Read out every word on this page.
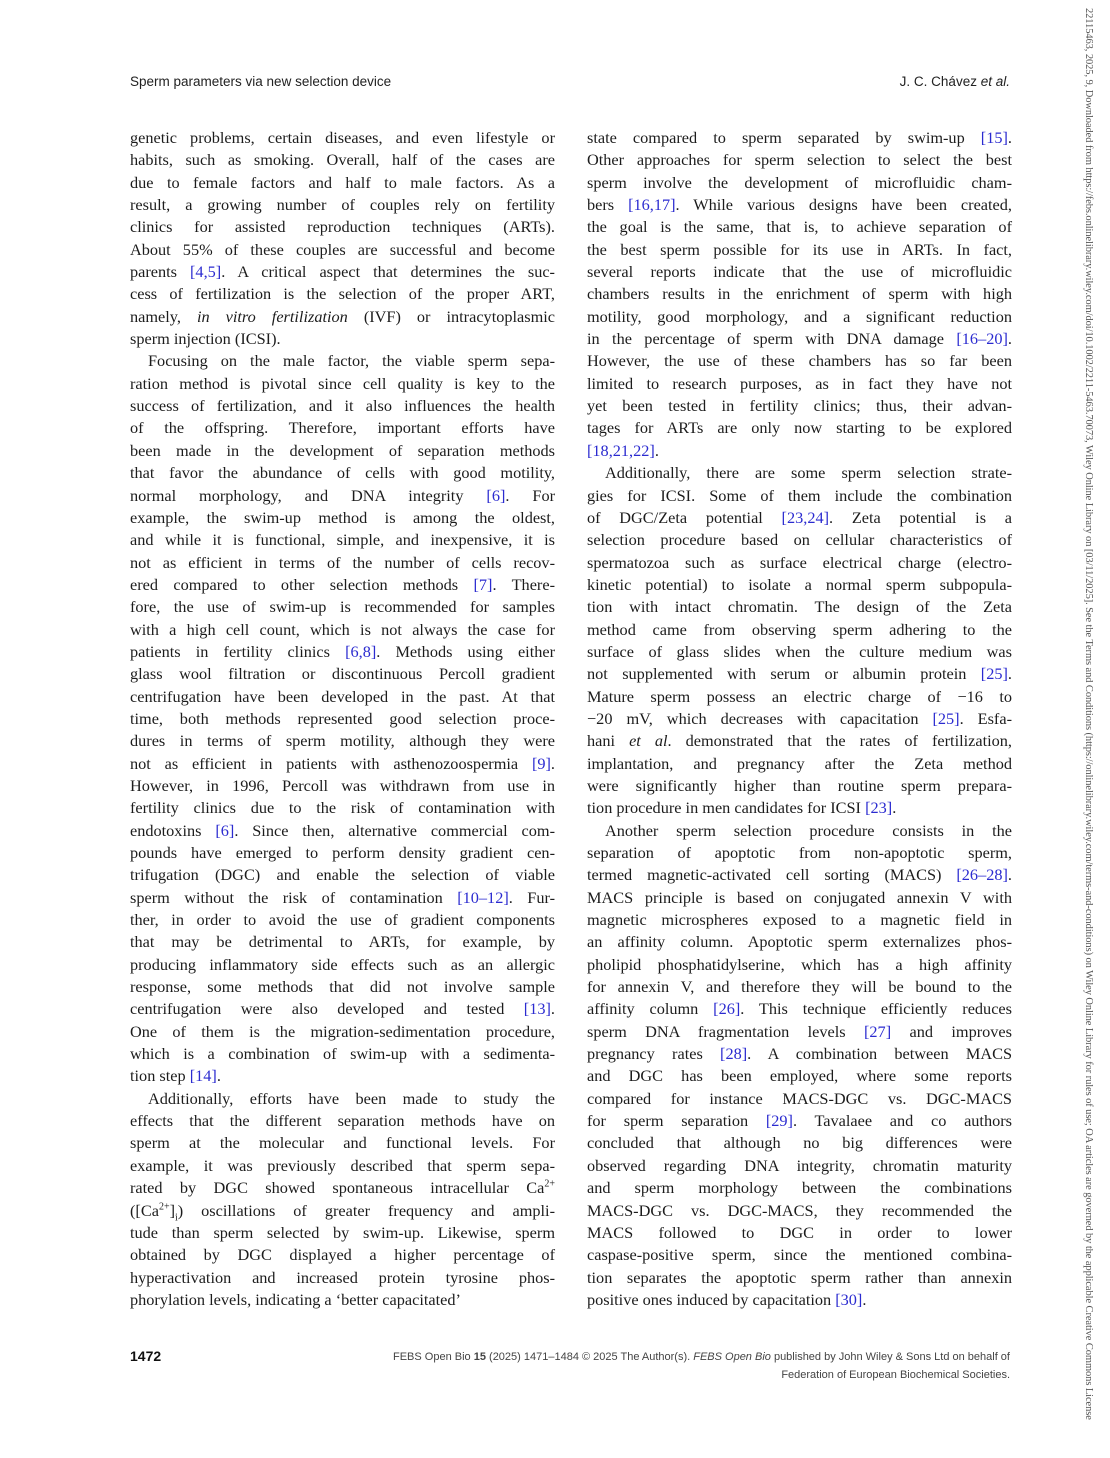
Sperm parameters via new selection device	J. C. Chávez et al.
genetic problems, certain diseases, and even lifestyle or
habits, such as smoking. Overall, half of the cases are
due to female factors and half to male factors. As a
result, a growing number of couples rely on fertility
clinics for assisted reproduction techniques (ARTs).
About 55% of these couples are successful and become
parents [4,5]. A critical aspect that determines the suc-
cess of fertilization is the selection of the proper ART,
namely, in vitro fertilization (IVF) or intracytoplasmic
sperm injection (ICSI).
Focusing on the male factor, the viable sperm sepa-
ration method is pivotal since cell quality is key to the
success of fertilization, and it also influences the health
of the offspring. Therefore, important efforts have
been made in the development of separation methods
that favor the abundance of cells with good motility,
normal morphology, and DNA integrity [6]. For
example, the swim-up method is among the oldest,
and while it is functional, simple, and inexpensive, it is
not as efficient in terms of the number of cells recov-
ered compared to other selection methods [7]. There-
fore, the use of swim-up is recommended for samples
with a high cell count, which is not always the case for
patients in fertility clinics [6,8]. Methods using either
glass wool filtration or discontinuous Percoll gradient
centrifugation have been developed in the past. At that
time, both methods represented good selection proce-
dures in terms of sperm motility, although they were
not as efficient in patients with asthenozoospermia [9].
However, in 1996, Percoll was withdrawn from use in
fertility clinics due to the risk of contamination with
endotoxins [6]. Since then, alternative commercial com-
pounds have emerged to perform density gradient cen-
trifugation (DGC) and enable the selection of viable
sperm without the risk of contamination [10–12]. Fur-
ther, in order to avoid the use of gradient components
that may be detrimental to ARTs, for example, by
producing inflammatory side effects such as an allergic
response, some methods that did not involve sample
centrifugation were also developed and tested [13].
One of them is the migration-sedimentation procedure,
which is a combination of swim-up with a sedimenta-
tion step [14].
Additionally, efforts have been made to study the
effects that the different separation methods have on
sperm at the molecular and functional levels. For
example, it was previously described that sperm sepa-
rated by DGC showed spontaneous intracellular $Ca^{2+}$
$([Ca^{2+}]_i)$ oscillations of greater frequency and ampli-
tude than sperm selected by swim-up. Likewise, sperm
obtained by DGC displayed a higher percentage of
hyperactivation and increased protein tyrosine phos-
phorylation levels, indicating a ‘better capacitated’
state compared to sperm separated by swim-up [15].
Other approaches for sperm selection to select the best
sperm involve the development of microfluidic cham-
bers [16,17]. While various designs have been created,
the goal is the same, that is, to achieve separation of
the best sperm possible for its use in ARTs. In fact,
several reports indicate that the use of microfluidic
chambers results in the enrichment of sperm with high
motility, good morphology, and a significant reduction
in the percentage of sperm with DNA damage [16–20].
However, the use of these chambers has so far been
limited to research purposes, as in fact they have not
yet been tested in fertility clinics; thus, their advan-
tages for ARTs are only now starting to be explored
[18,21,22].
Additionally, there are some sperm selection strate-
gies for ICSI. Some of them include the combination
of DGC/Zeta potential [23,24]. Zeta potential is a
selection procedure based on cellular characteristics of
spermatozoa such as surface electrical charge (electro-
kinetic potential) to isolate a normal sperm subpopula-
tion with intact chromatin. The design of the Zeta
method came from observing sperm adhering to the
surface of glass slides when the culture medium was
not supplemented with serum or albumin protein [25].
Mature sperm possess an electric charge of −16 to
−20 mV, which decreases with capacitation [25]. Esfa-
hani et al. demonstrated that the rates of fertilization,
implantation, and pregnancy after the Zeta method
were significantly higher than routine sperm prepara-
tion procedure in men candidates for ICSI [23].
Another sperm selection procedure consists in the
separation of apoptotic from non-apoptotic sperm,
termed magnetic-activated cell sorting (MACS) [26–28].
MACS principle is based on conjugated annexin V with
magnetic microspheres exposed to a magnetic field in
an affinity column. Apoptotic sperm externalizes phos-
pholipid phosphatidylserine, which has a high affinity
for annexin V, and therefore they will be bound to the
affinity column [26]. This technique efficiently reduces
sperm DNA fragmentation levels [27] and improves
pregnancy rates [28]. A combination between MACS
and DGC has been employed, where some reports
compared for instance MACS-DGC vs. DGC-MACS
for sperm separation [29]. Tavalaee and co authors
concluded that although no big differences were
observed regarding DNA integrity, chromatin maturity
and sperm morphology between the combinations
MACS-DGC vs. DGC-MACS, they recommended the
MACS followed to DGC in order to lower
caspase-positive sperm, since the mentioned combina-
tion separates the apoptotic sperm rather than annexin
positive ones induced by capacitation [30].
1472	FEBS Open Bio 15 (2025) 1471–1484 © 2025 The Author(s). FEBS Open Bio published by John Wiley & Sons Ltd on behalf of
Federation of European Biochemical Societies.	22115463, 2025, 9, Downloaded from https://febs.onlinelibrary.wiley.com/doi/10.1002/2211-5463.70073, Wiley Online Library on [03/11/2025]. See the Terms and Conditions (https://onlinelibrary.wiley.com/terms-and-conditions) on Wiley Online Library for rules of use; OA articles are governed by the applicable Creative Commons License
